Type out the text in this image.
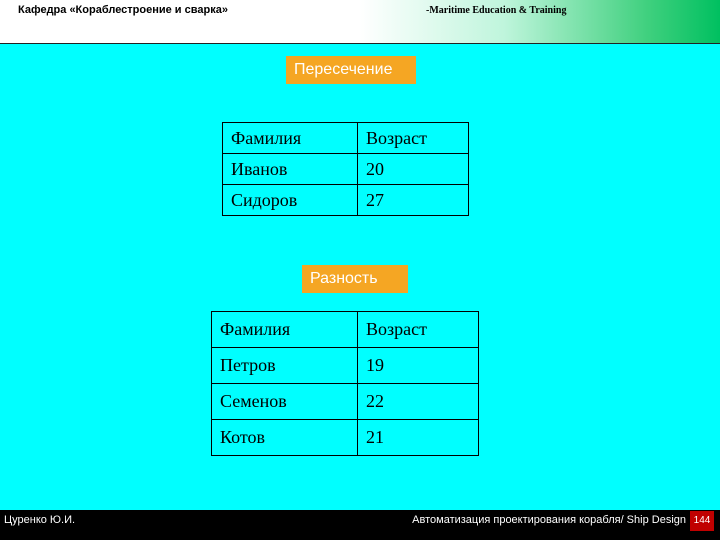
Кафедра «Кораблестроение и сварка»	-Maritime Education & Training
Пересечение
Фамилия	Возраст
Иванов	20
Сидоров	27
Разность
Фамилия	Возраст
Петров	19
Семенов	22
Котов	21
Цуренко Ю.И.	Автоматизация проектирования корабля/ Ship Design 144
